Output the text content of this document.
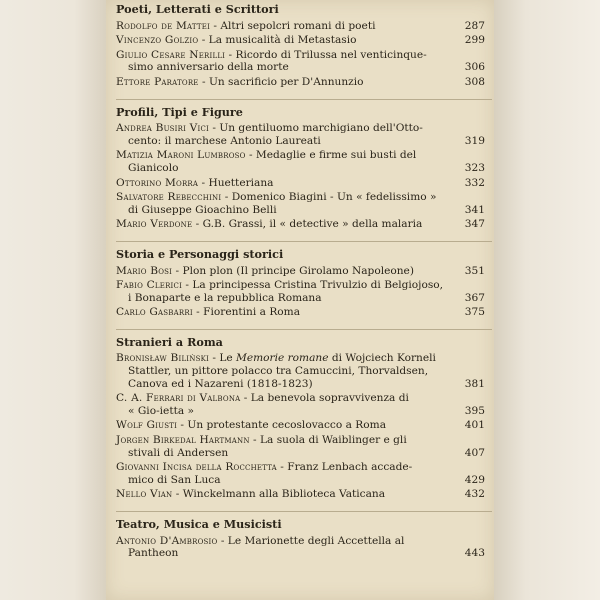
Poeti, Letterati e Scrittori
Rodolfo de Mattei - Altri sepolcri romani di poeti	287
Vincenzo Golzio - La musicalità di Metastasio	299
Giulio Cesare Nerilli - Ricordo di Trilussa nel venticinque-
simo anniversario della morte	306
Ettore Paratore - Un sacrificio per D'Annunzio	308
Profili, Tipi e Figure
Andrea Busiri Vici - Un gentiluomo marchigiano dell'Otto-
cento: il marchese Antonio Laureati	319
Matizia Maroni Lumbroso - Medaglie e firme sui busti del
Gianicolo	323
Ottorino Morra - Huetteriana	332
Salvatore Rebecchini - Domenico Biagini - Un « fedelissimo »
di Giuseppe Gioachino Belli	341
Mario Verdone - G.B. Grassi, il « detective » della malaria	347
Storia e Personaggi storici
Mario Bosi - Plon plon (Il principe Girolamo Napoleone)	351
Fabio Clerici - La principessa Cristina Trivulzio di Belgiojoso,
i Bonaparte e la repubblica Romana	367
Carlo Gasbarri - Fiorentini a Roma	375
Stranieri a Roma
Bronisław Biliński - Le Memorie romane di Wojciech Korneli
Stattler, un pittore polacco tra Camuccini, Thorvaldsen,
Canova ed i Nazareni (1818-1823)	381
C. A. Ferrari di Valbona - La benevola sopravvivenza di
« Gio-ietta »	395
Wolf Giusti - Un protestante cecoslovacco a Roma	401
Jorgen Birkedal Hartmann - La suola di Waiblinger e gli
stivali di Andersen	407
Giovanni Incisa della Rocchetta - Franz Lenbach accade-
mico di San Luca	429
Nello Vian - Winckelmann alla Biblioteca Vaticana	432
Teatro, Musica e Musicisti
Antonio D'Ambrosio - Le Marionette degli Accettella al
Pantheon	443
